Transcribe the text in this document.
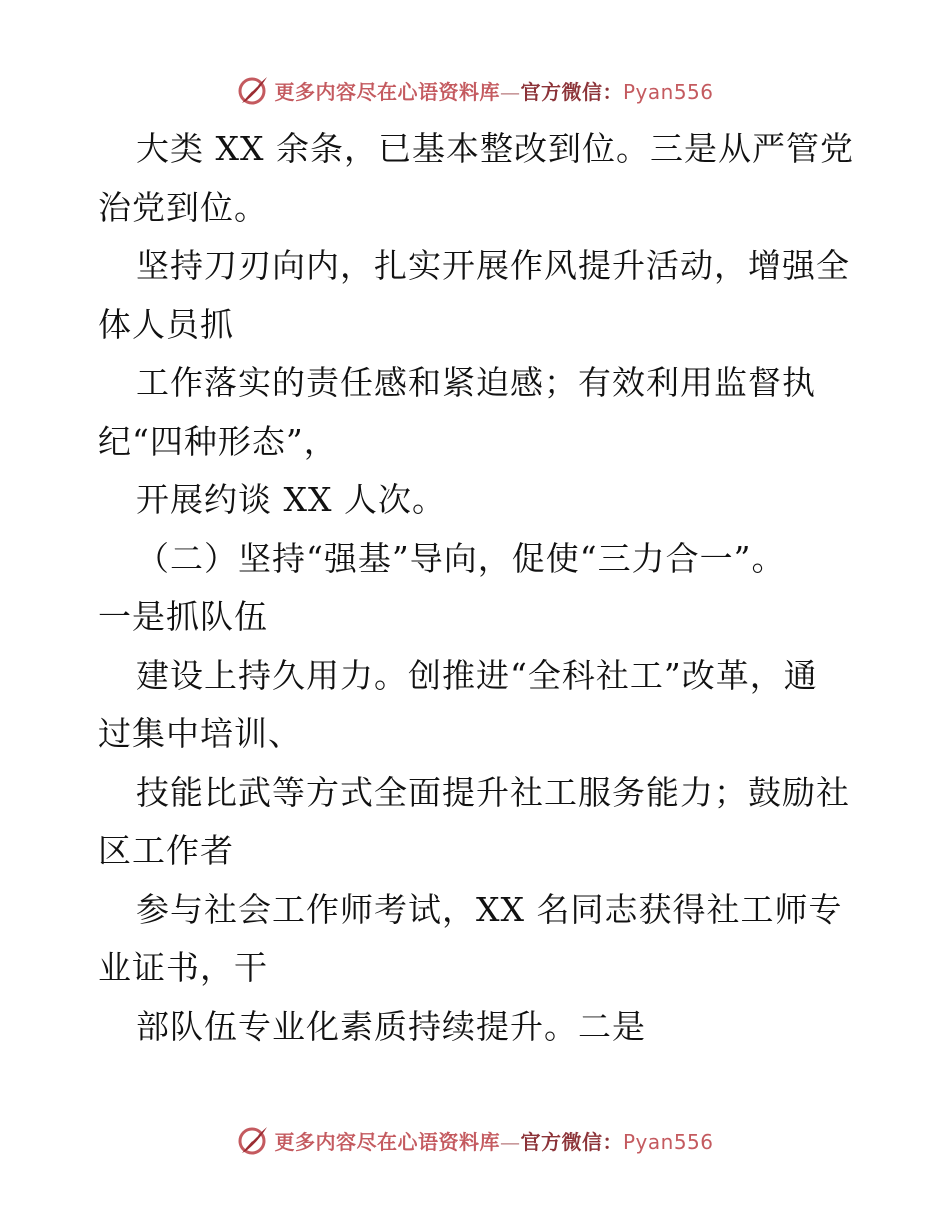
更多内容尽在心语资料库—官方微信：Pyan556
大类 XX 余条，已基本整改到位。三是从严管党
治党到位。
坚持刀刃向内，扎实开展作风提升活动，增强全
体人员抓
工作落实的责任感和紧迫感；有效利用监督执
纪“四种形态”，
开展约谈 XX 人次。
（二）坚持“强基”导向，促使“三力合一”。
一是抓队伍
建设上持久用力。创推进“全科社工”改革，通
过集中培训、
技能比武等方式全面提升社工服务能力；鼓励社
区工作者
参与社会工作师考试，XX 名同志获得社工师专
业证书，干
部队伍专业化素质持续提升。二是
更多内容尽在心语资料库—官方微信：Pyan556
